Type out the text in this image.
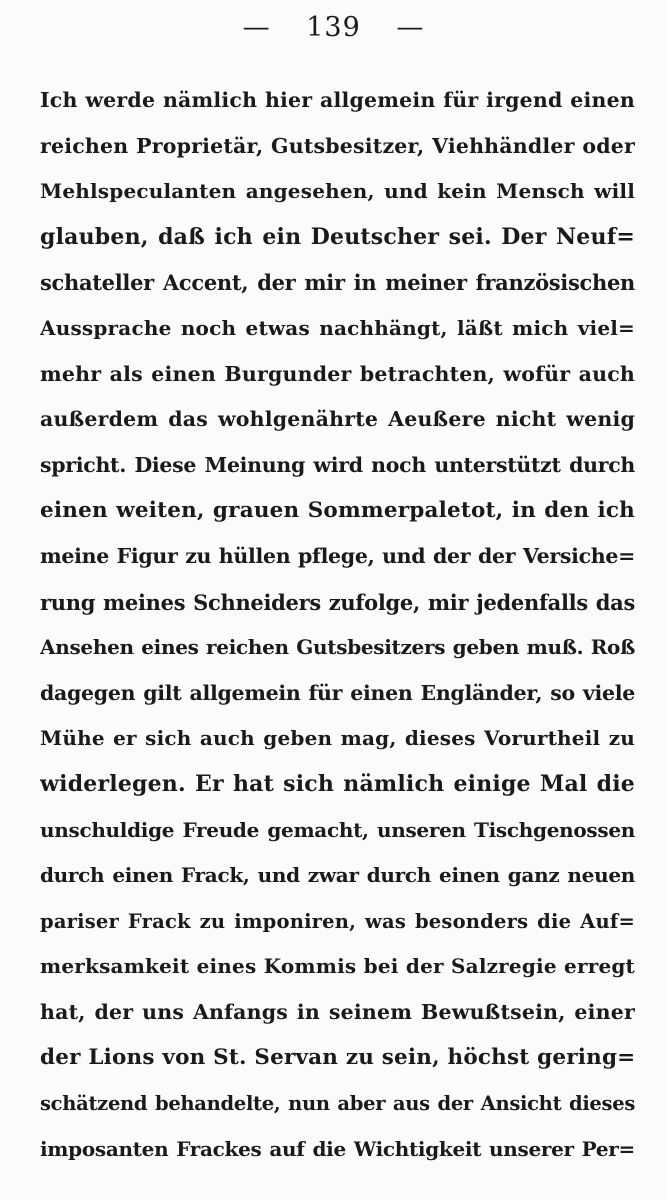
— 139 —
Ich werde nämlich hier allgemein für irgend einen
reichen Proprietär, Gutsbesitzer, Viehhändler oder
Mehlspeculanten angesehen, und kein Mensch will
glauben, daß ich ein Deutscher sei. Der Neuf=
schateller Accent, der mir in meiner französischen
Aussprache noch etwas nachhängt, läßt mich viel=
mehr als einen Burgunder betrachten, wofür auch
außerdem das wohlgenährte Aeußere nicht wenig
spricht. Diese Meinung wird noch unterstützt durch
einen weiten, grauen Sommerpaletot, in den ich
meine Figur zu hüllen pflege, und der der Versiche=
rung meines Schneiders zufolge, mir jedenfalls das
Ansehen eines reichen Gutsbesitzers geben muß. Roß
dagegen gilt allgemein für einen Engländer, so viele
Mühe er sich auch geben mag, dieses Vorurtheil zu
widerlegen. Er hat sich nämlich einige Mal die
unschuldige Freude gemacht, unseren Tischgenossen
durch einen Frack, und zwar durch einen ganz neuen
pariser Frack zu imponiren, was besonders die Auf=
merksamkeit eines Kommis bei der Salzregie erregt
hat, der uns Anfangs in seinem Bewußtsein, einer
der Lions von St. Servan zu sein, höchst gering=
schätzend behandelte, nun aber aus der Ansicht dieses
imposanten Frackes auf die Wichtigkeit unserer Per=
